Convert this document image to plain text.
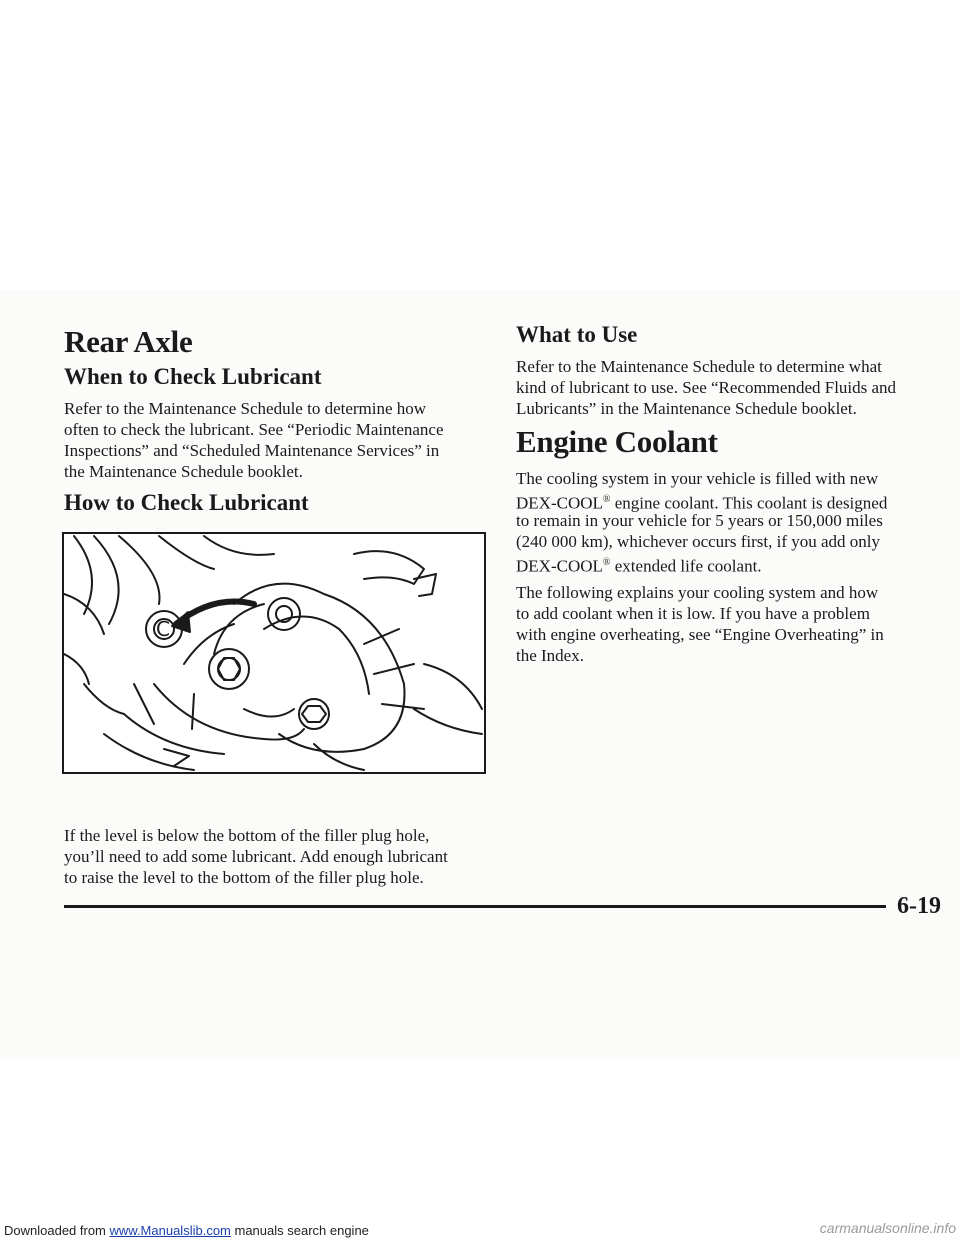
Rear Axle
When to Check Lubricant

Refer to the Maintenance Schedule to determine how

often to check the lubricant. See “Periodic Maintenance

Inspections” and “Scheduled Maintenance Services” in

the Maintenance Schedule booklet.

How to Check Lubricant
C

If the level is below the bottom of the filler plug hole,

you’ll need to add some lubricant. Add enough lubricant

to raise the level to the bottom of the filler plug hole.

What to Use

Refer to the Maintenance Schedule to determine what

kind of lubricant to use. See “Recommended Fluids and

Lubricants” in the Maintenance Schedule booklet.

Engine Coolant

The cooling system in your vehicle is filled with new

DEX-COOL® engine coolant. This coolant is designed

to remain in your vehicle for 5 years or 150,000 miles

(240 000 km), whichever occurs first, if you add only

DEX-COOL® extended life coolant.

The following explains your cooling system and how

to add coolant when it is low. If you have a problem

with engine overheating, see “Engine Overheating” in

the Index.

6-19
Downloaded from www.Manualslib.com manuals search engine	carmanualsonline.info
